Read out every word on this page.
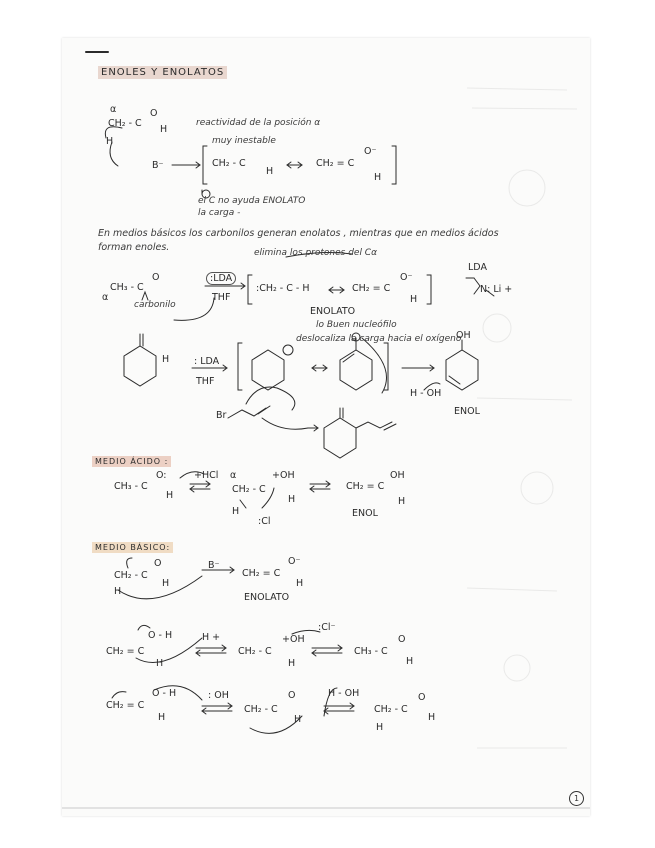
ENOLES Y ENOLATOS
α
CH₂ - C
O
H
H
B⁻
reactividad de la posición α
muy inestable
CH₂ - C
H
CH₂ = C
O⁻
H
el C no ayuda ENOLATO
la carga -
En medios básicos los carbonilos generan enolatos , mientras que en medios ácidos
forman enoles.	elimina los protones del Cα
CH₃ - C
O
α
carbonilo
:LDA
THF
:CH₂ - C - H	CH₂ = C
O⁻
H
ENOLATO
lo Buen nucleófilo
LDA
N: Li +
H	: LDA
THF
deslocaliza la carga hacia el oxígeno
H - OH
OH
ENOL
Br
MEDIO ÁCIDO :
CH₃ - C
O:
H
+HCl α
CH₂ - C
+OH
H
H
:Cl
CH₂ = C
OH
H
ENOL
MEDIO BÁSICO:
CH₂ - C
O
H
H
B⁻
CH₂ = C
O⁻
H
ENOLATO
CH₂ = C
O - H
H
H +
CH₂ - C
+OH
H
:Cl⁻
CH₃ - C
O
H
CH₂ = C
O - H
H
: OH
CH₂ - C
O
H
H - OH
CH₂ - C
O
H
H
1
